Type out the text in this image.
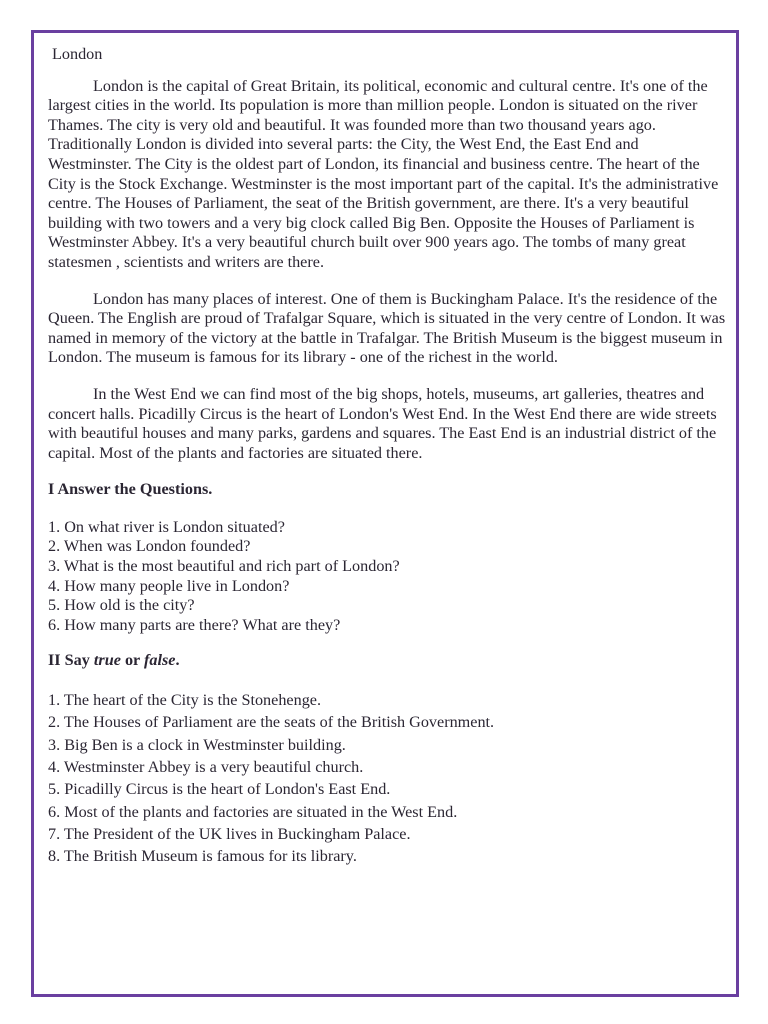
London

London is the capital of Great Britain, its political, economic and cultural centre. It's one of the largest cities in the world. Its population is more than million people. London is situated on the river Thames. The city is very old and beautiful. It was founded more than two thousand years ago. Traditionally London is divided into several parts: the City, the West End, the East End and Westminster. The City is the oldest part of London, its financial and business centre. The heart of the City is the Stock Exchange. Westminster is the most important part of the capital. It's the administrative centre. The Houses of Parliament, the seat of the British government, are there. It's a very beautiful building with two towers and a very big clock called Big Ben. Opposite the Houses of Parliament is Westminster Abbey. It's a very beautiful church built over 900 years ago. The tombs of many great statesmen , scientists and writers are there.

London has many places of interest. One of them is Buckingham Palace. It's the residence of the Queen. The English are proud of Trafalgar Square, which is situated in the very centre of London. It was named in memory of the victory at the battle in Trafalgar. The British Museum is the biggest museum in London. The museum is famous for its library - one of the richest in the world.

In the West End we can find most of the big shops, hotels, museums, art galleries, theatres and concert halls. Picadilly Circus is the heart of London's West End. In the West End there are wide streets with beautiful houses and many parks, gardens and squares. The East End is an industrial district of the capital. Most of the plants and factories are situated there.

I Answer the Questions.
1. On what river is London situated?
2. When was London founded?
3. What is the most beautiful and rich part of London?
4. How many people live in London?
5. How old is the city?
6. How many parts are there? What are they?
II Say true or false.
1. The heart of the City is the Stonehenge.
2. The Houses of Parliament are the seats of the British Government.
3. Big Ben is a clock in Westminster building.
4. Westminster Abbey is a very beautiful church.
5. Picadilly Circus is the heart of London's East End.
6. Most of the plants and factories are situated in the West End.
7. The President of the UK lives in Buckingham Palace.
8. The British Museum is famous for its library.
